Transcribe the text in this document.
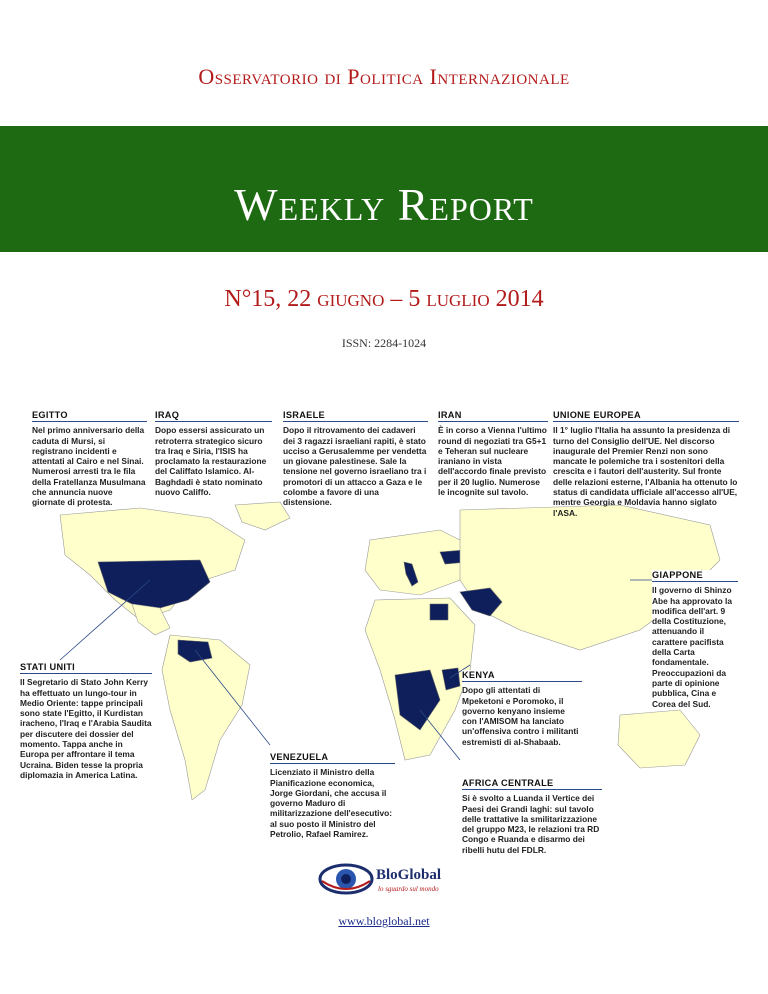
Osservatorio di Politica Internazionale
Weekly Report
N°15, 22 giugno – 5 luglio 2014
ISSN: 2284-1024
EGITTO
Nel primo anniversario della caduta di Mursi, si registrano incidenti e attentati al Cairo e nel Sinai. Numerosi arresti tra le fila della Fratellanza Musulmana che annuncia nuove giornate di protesta.
IRAQ
Dopo essersi assicurato un retroterra strategico sicuro tra Iraq e Siria, l'ISIS ha proclamato la restaurazione del Califfato Islamico. Al-Baghdadi è stato nominato nuovo Califfo.
ISRAELE
Dopo il ritrovamento dei cadaveri dei 3 ragazzi israeliani rapiti, è stato ucciso a Gerusalemme per vendetta un giovane palestinese. Sale la tensione nel governo israeliano tra i promotori di un attacco a Gaza e le colombe a favore di una distensione.
IRAN
È in corso a Vienna l'ultimo round di negoziati tra G5+1 e Teheran sul nucleare iraniano in vista dell'accordo finale previsto per il 20 luglio. Numerose le incognite sul tavolo.
UNIONE EUROPEA
Il 1° luglio l'Italia ha assunto la presidenza di turno del Consiglio dell'UE. Nel discorso inaugurale del Premier Renzi non sono mancate le polemiche tra i sostenitori della crescita e i fautori dell'austerity. Sul fronte delle relazioni esterne, l'Albania ha ottenuto lo status di candidata ufficiale all'accesso all'UE, mentre Georgia e Moldavia hanno siglato l'ASA.
GIAPPONE
Il governo di Shinzo Abe ha approvato la modifica dell'art. 9 della Costituzione, attenuando il carattere pacifista della Carta fondamentale. Preoccupazioni da parte di opinione pubblica, Cina e Corea del Sud.
STATI UNITI
Il Segretario di Stato John Kerry ha effettuato un lungo-tour in Medio Oriente: tappe principali sono state l'Egitto, il Kurdistan iracheno, l'Iraq e l'Arabia Saudita per discutere dei dossier del momento. Tappa anche in Europa per affrontare il tema Ucraina. Biden tesse la propria diplomazia in America Latina.
KENYA
Dopo gli attentati di Mpeketoni e Poromoko, il governo kenyano insieme con l'AMISOM ha lanciato un'offensiva contro i militanti estremisti di al-Shabaab.
VENEZUELA
Licenziato il Ministro della Pianificazione economica, Jorge Giordani, che accusa il governo Maduro di militarizzazione dell'esecutivo: al suo posto il Ministro del Petrolio, Rafael Ramirez.
AFRICA CENTRALE
Si è svolto a Luanda il Vertice dei Paesi dei Grandi laghi: sul tavolo delle trattative la smilitarizzazione del gruppo M23, le relazioni tra RD Congo e Ruanda e disarmo dei ribelli hutu del FDLR.
BloGlobal
lo sguardo sul mondo
www.bloglobal.net
